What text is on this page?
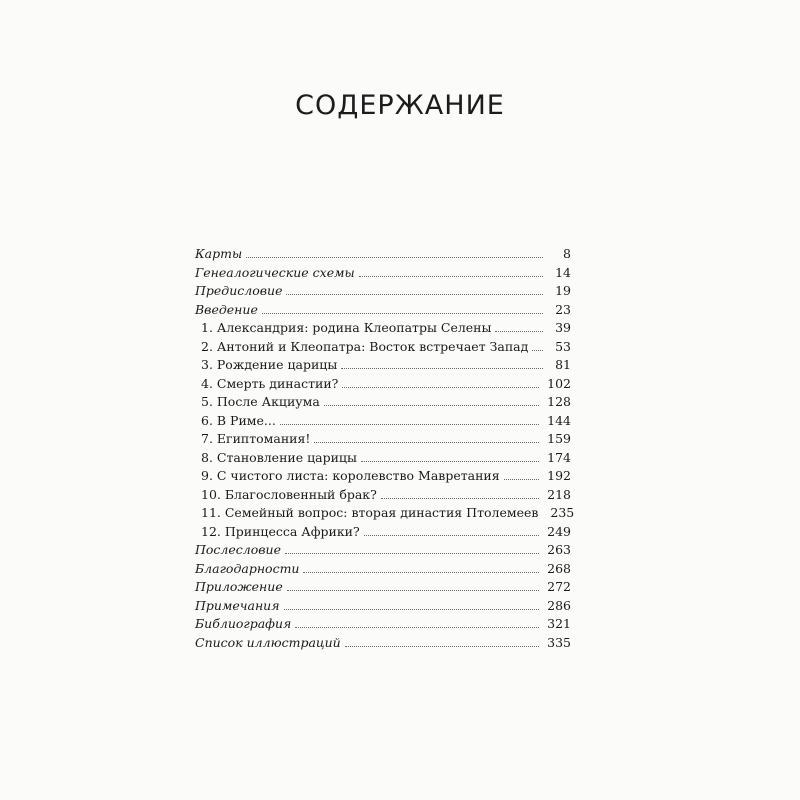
СОДЕРЖАНИЕ
Карты	8
Генеалогические схемы	14
Предисловие	19
Введение	23
1. Александрия: родина Клеопатры Селены	39
2. Антоний и Клеопатра: Восток встречает Запад	53
3. Рождение царицы	81
4. Смерть династии?	102
5. После Акциума	128
6. В Риме...	144
7. Египтомания!	159
8. Становление царицы	174
9. С чистого листа: королевство Мавретания	192
10. Благословенный брак?	218
11. Семейный вопрос: вторая династия Птолемеев 235
12. Принцесса Африки?	249
Послесловие	263
Благодарности	268
Приложение	272
Примечания	286
Библиография	321
Список иллюстраций	335
